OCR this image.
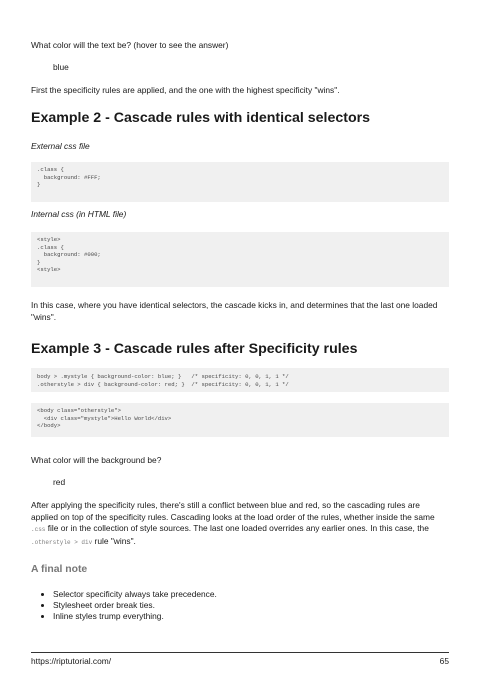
What color will the text be? (hover to see the answer)

blue

First the specificity rules are applied, and the one with the highest specificity "wins".

Example 2 - Cascade rules with identical selectors

External css file

.class {
background: #FFF;
}

Internal css (in HTML file)

<style>
.class {
background: #000;
}
<style>

In this case, where you have identical selectors, the cascade kicks in, and determines that the last one loaded "wins".

Example 3 - Cascade rules after Specificity rules
body > .mystyle { background-color: blue; }   /* specificity: 0, 0, 1, 1 */
.otherstyle > div { background-color: red; }  /* specificity: 0, 0, 1, 1 */
<body class="otherstyle">
<div class="mystyle">Hello World</div>
</body>

What color will the background be?

red

After applying the specificity rules, there's still a conflict between blue and red, so the cascading rules are applied on top of the specificity rules. Cascading looks at the load order of the rules, whether inside the same .css file or in the collection of style sources. The last one loaded overrides any earlier ones. In this case, the .otherstyle > div rule "wins".

A final note
• Selector specificity always take precedence.
• Stylesheet order break ties.
• Inline styles trump everything.
https://riptutorial.com/	65
